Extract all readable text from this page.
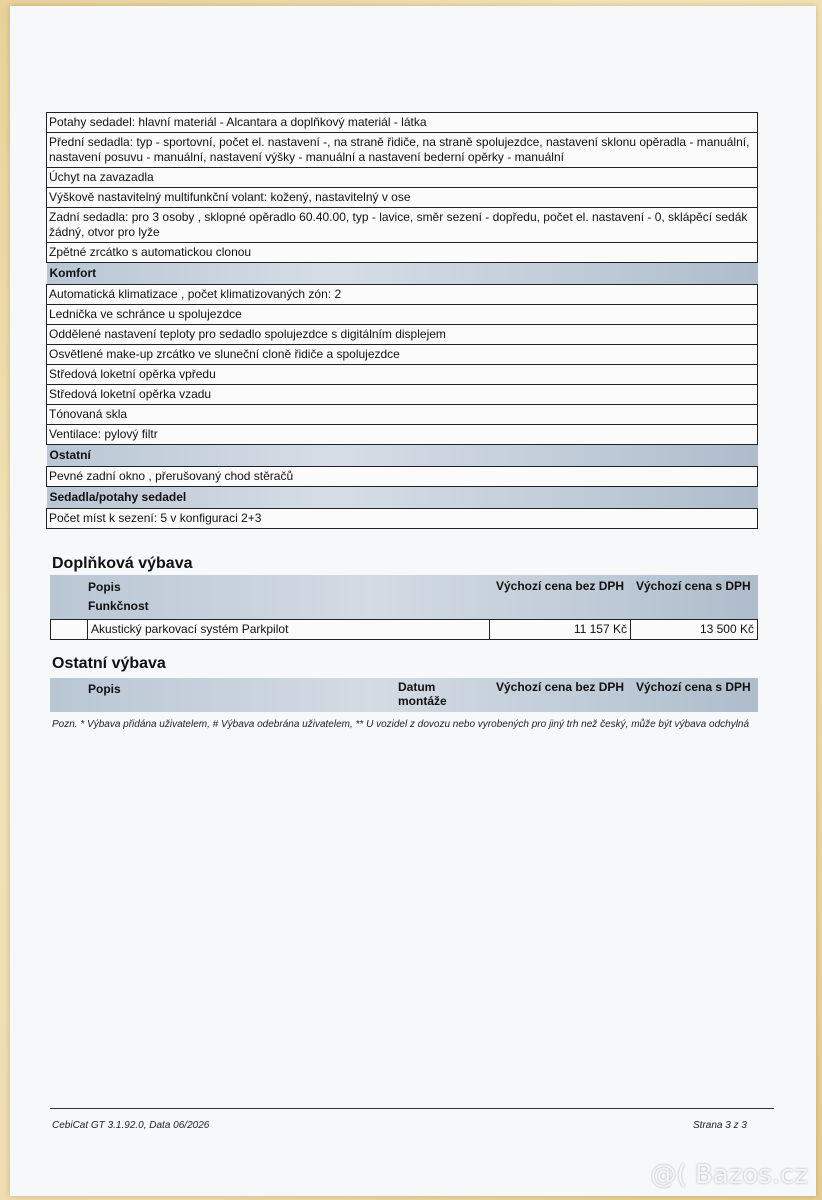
Potahy sedadel: hlavní materiál - Alcantara a doplňkový materiál - látka
Přední sedadla: typ - sportovní, počet el. nastavení -, na straně řidiče, na straně spolujezdce, nastavení sklonu opěradla - manuální, nastavení posuvu - manuální, nastavení výšky - manuální a nastavení bederní opěrky - manuální
Úchyt na zavazadla
Výškově nastavitelný multifunkční volant: kožený, nastavitelný v ose
Zadní sedadla: pro 3 osoby , sklopné opěradlo 60.40.00, typ - lavice, směr sezení - dopředu, počet el. nastavení - 0, sklápěcí sedák žádný, otvor pro lyže
Zpětné zrcátko s automatickou clonou
Komfort
Automatická klimatizace , počet klimatizovaných zón: 2
Lednička ve schránce u spolujezdce
Oddělené nastavení teploty pro sedadlo spolujezdce s digitálním displejem
Osvětlené make-up zrcátko ve sluneční cloně řidiče a spolujezdce
Středová loketní opěrka vpředu
Středová loketní opěrka vzadu
Tónovaná skla
Ventilace: pylový filtr
Ostatní
Pevné zadní okno , přerušovaný chod stěračů
Sedadla/potahy sedadel
Počet míst k sezení: 5 v konfiguraci 2+3
Doplňková výbava
Popis
Funkčnost
Výchozí cena bez DPH Výchozí cena s DPH
	Akustický parkovací systém Parkpilot	11 157 Kč	13 500 Kč
Ostatní výbava
Popis	Datum montáže
Výchozí cena bez DPH Výchozí cena s DPH
Pozn. * Výbava přidána uživatelem, # Výbava odebrána uživatelem, ** U vozidel z dovozu nebo vyrobených pro jiný trh než český, může být výbava odchylná
CebiCat GT 3.1.92.0, Data 06/2026	Strana 3 z 3
@( Bazos.cz
